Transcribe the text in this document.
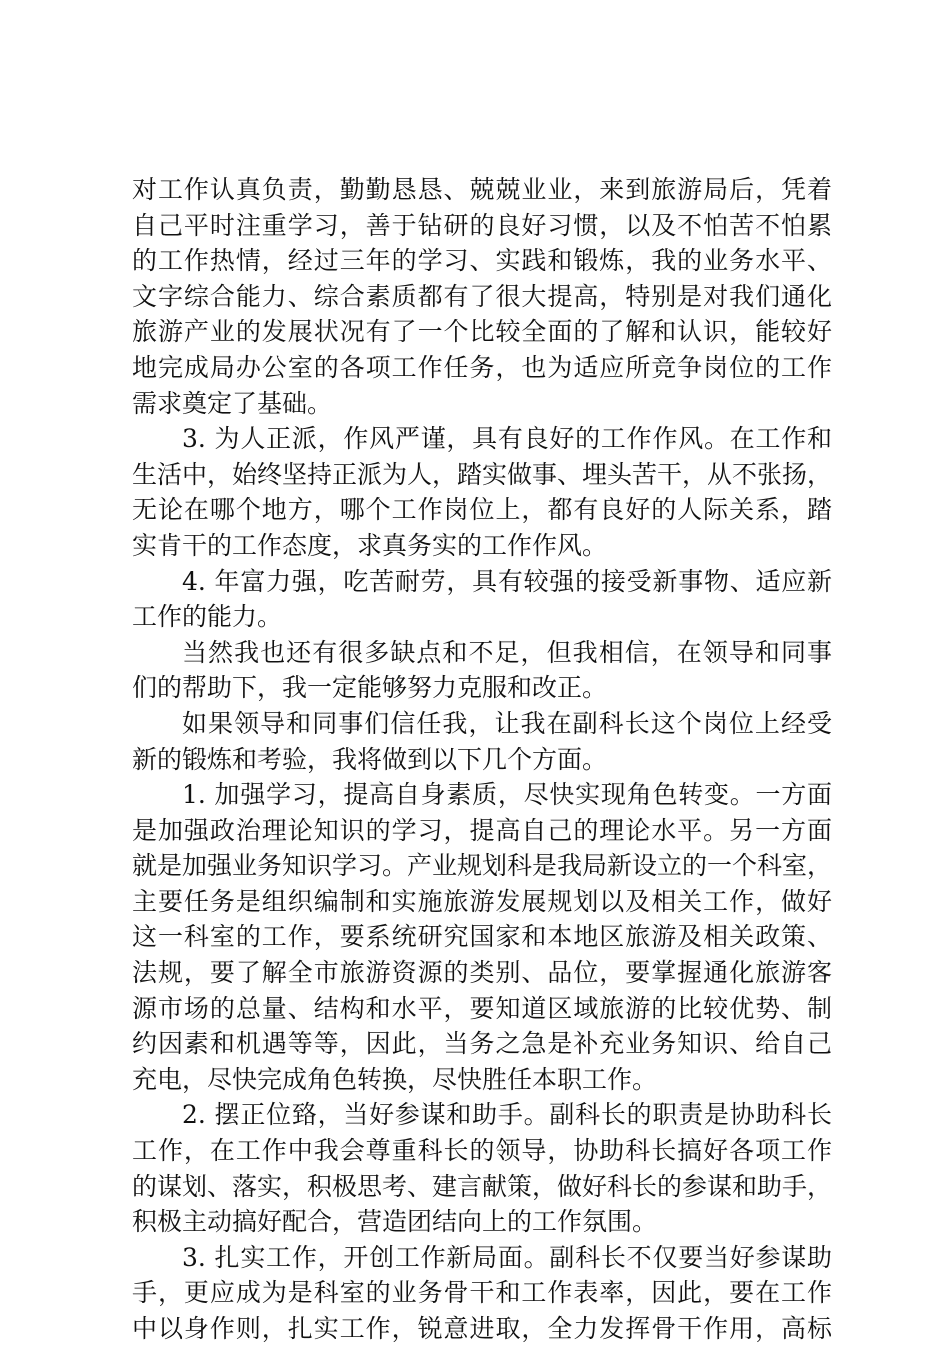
对工作认真负责，勤勤恳恳、兢兢业业，来到旅游局后，凭着
自己平时注重学习，善于钻研的良好习惯，以及不怕苦不怕累
的工作热情，经过三年的学习、实践和锻炼，我的业务水平、
文字综合能力、综合素质都有了很大提高，特别是对我们通化
旅游产业的发展状况有了一个比较全面的了解和认识，能较好
地完成局办公室的各项工作任务，也为适应所竞争岗位的工作
需求奠定了基础。
3. 为人正派，作风严谨，具有良好的工作作风。在工作和
生活中，始终坚持正派为人，踏实做事、埋头苦干，从不张扬，
无论在哪个地方，哪个工作岗位上，都有良好的人际关系，踏
实肯干的工作态度，求真务实的工作作风。
4. 年富力强，吃苦耐劳，具有较强的接受新事物、适应新
工作的能力。
当然我也还有很多缺点和不足，但我相信，在领导和同事
们的帮助下，我一定能够努力克服和改正。
如果领导和同事们信任我，让我在副科长这个岗位上经受
新的锻炼和考验，我将做到以下几个方面。
1. 加强学习，提高自身素质，尽快实现角色转变。一方面
是加强政治理论知识的学习，提高自己的理论水平。另一方面
就是加强业务知识学习。产业规划科是我局新设立的一个科室，
主要任务是组织编制和实施旅游发展规划以及相关工作，做好
这一科室的工作，要系统研究国家和本地区旅游及相关政策、
法规，要了解全市旅游资源的类别、品位，要掌握通化旅游客
源市场的总量、结构和水平，要知道区域旅游的比较优势、制
约因素和机遇等等，因此，当务之急是补充业务知识、给自己
充电，尽快完成角色转换，尽快胜任本职工作。
2. 摆正位臵，当好参谋和助手。副科长的职责是协助科长
工作，在工作中我会尊重科长的领导，协助科长搞好各项工作
的谋划、落实，积极思考、建言献策，做好科长的参谋和助手，
积极主动搞好配合，营造团结向上的工作氛围。
3. 扎实工作，开创工作新局面。副科长不仅要当好参谋助
手，更应成为是科室的业务骨干和工作表率，因此，要在工作
中以身作则，扎实工作，锐意进取，全力发挥骨干作用，高标
